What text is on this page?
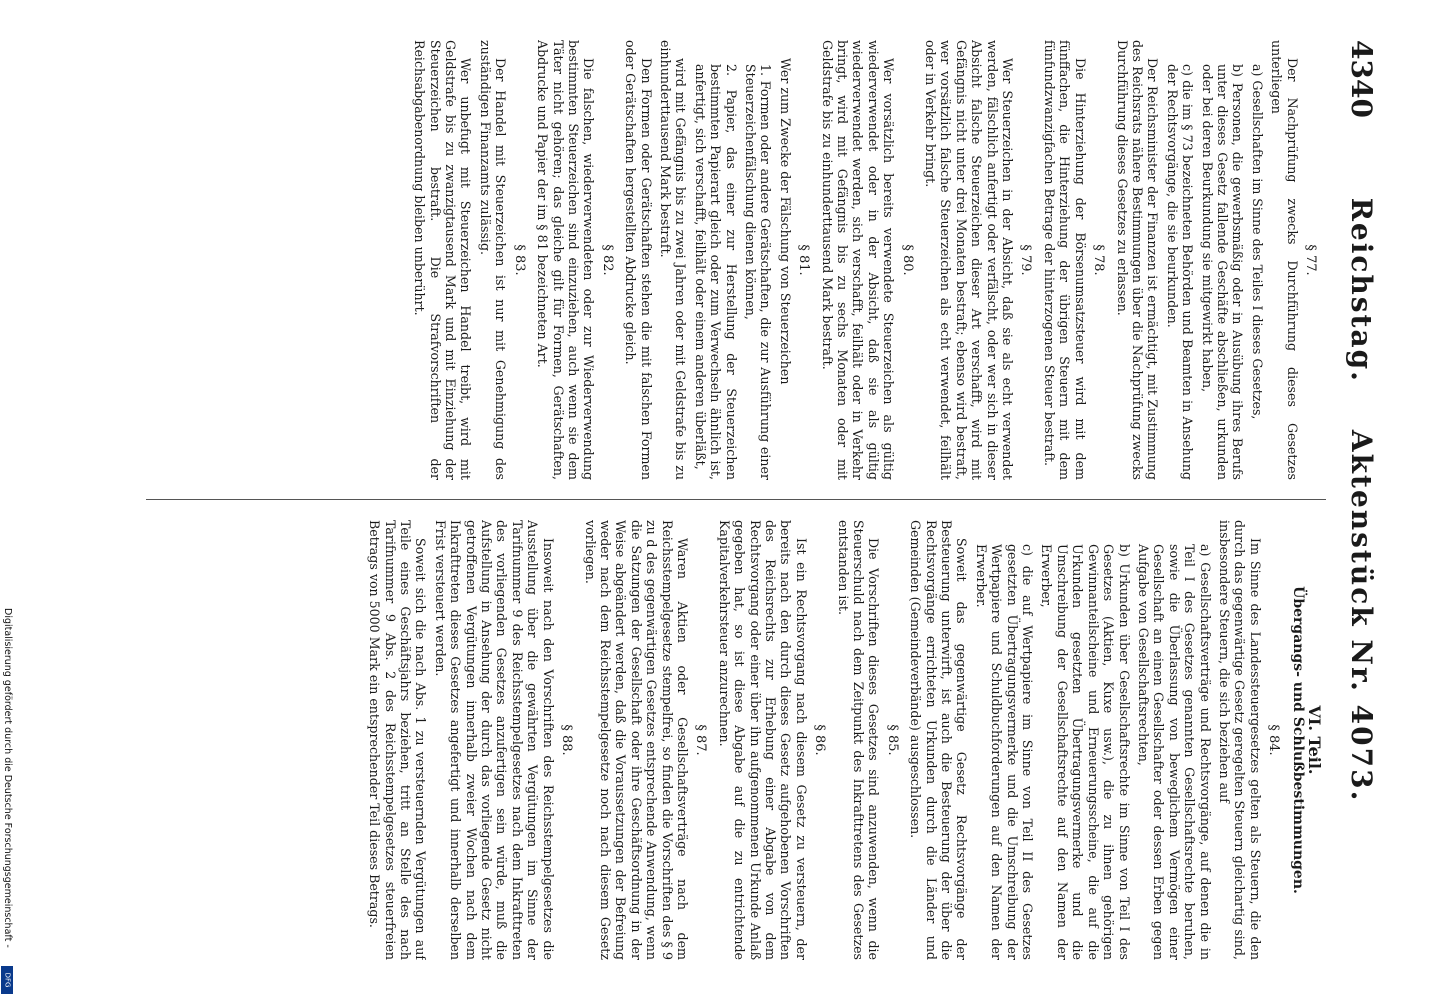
4340
Reichstag.    Aktenstück Nr. 4073.
§ 77.

Der Nachprüfung zwecks Durchführung dieses Gesetzes unterliegen

a) Gesellschaften im Sinne des Teiles I dieses Gesetzes,

b) Personen, die gewerbsmäßig oder in Ausübung ihres Berufs unter dieses Gesetz fallende Geschäfte abschließen, urkunden oder bei deren Beurkundung sie mitgewirkt haben,

c) die im § 73 bezeichneten Behörden und Beamten in Ansehung der Rechtsvorgänge, die sie beurkunden.

Der Reichsminister der Finanzen ist ermächtigt, mit Zustimmung des Reichsrats nähere Bestimmungen über die Nachprüfung zwecks Durchführung dieses Gesetzes zu erlassen.

§ 78.

Die Hinterziehung der Börsenumsatzsteuer wird mit dem fünffachen, die Hinterziehung der übrigen Steuern mit dem fünfundzwanzigfachen Betrage der hinterzogenen Steuer bestraft.

§ 79.

Wer Steuerzeichen in der Absicht, daß sie als echt verwendet werden, fälschlich anfertigt oder verfälscht, oder wer sich in dieser Absicht falsche Steuerzeichen dieser Art verschafft, wird mit Gefängnis nicht unter drei Monaten bestraft; ebenso wird bestraft, wer vorsätzlich falsche Steuerzeichen als echt verwendet, feilhält oder in Verkehr bringt.

§ 80.

Wer vorsätzlich bereits verwendete Steuerzeichen als gültig wiederverwendet oder in der Absicht, daß sie als gültig wiederverwendet werden, sich verschafft, feilhält oder in Verkehr bringt, wird mit Gefängnis bis zu sechs Monaten oder mit Geldstrafe bis zu einhunderttausend Mark bestraft.

§ 81.

Wer zum Zwecke der Fälschung von Steuerzeichen

1. Formen oder andere Gerätschaften, die zur Ausführung einer Steuerzeichenfälschung dienen können,

2. Papier, das einer zur Herstellung der Steuerzeichen bestimmten Papierart gleich oder zum Verwechseln ähnlich ist, anfertigt, sich verschafft, feilhält oder einem anderen überläßt,

wird mit Gefängnis bis zu zwei Jahren oder mit Geldstrafe bis zu einhunderttausend Mark bestraft.

Den Formen oder Gerätschaften stehen die mit falschen Formen oder Gerätschaften hergestellten Abdrucke gleich.

§ 82.

Die falschen, wiederverwendeten oder zur Wiederverwendung bestimmten Steuerzeichen sind einzuziehen, auch wenn sie dem Täter nicht gehören; das gleiche gilt für Formen, Gerätschaften, Abdrucke und Papier der im § 81 bezeichneten Art.

§ 83.

Der Handel mit Steuerzeichen ist nur mit Genehmigung des zuständigen Finanzamts zulässig.

Wer unbefugt mit Steuerzeichen Handel treibt, wird mit Geldstrafe bis zu zwanzigtausend Mark und mit Einziehung der Steuerzeichen bestraft. Die Strafvorschriften der Reichsabgabenordnung bleiben unberührt.

VI. Teil.
Übergangs- und Schlußbestimmungen.
§ 84.

Im Sinne des Landessteuergesetzes gelten als Steuern, die den durch das gegenwärtige Gesetz geregelten Steuern gleichartig sind, insbesondere Steuern, die sich beziehen auf

a) Gesellschaftsverträge und Rechtsvorgänge, auf denen die in Teil I des Gesetzes genannten Gesellschaftsrechte beruhen, sowie die Überlassung von beweglichem Vermögen einer Gesellschaft an einen Gesellschafter oder dessen Erben gegen Aufgabe von Gesellschaftsrechten,

b) Urkunden über Gesellschaftsrechte im Sinne von Teil I des Gesetzes (Aktien, Kuxe usw.), die zu ihnen gehörigen Gewinnanteilscheine und Erneuerungsscheine, die auf die Urkunden gesetzten Übertragungsvermerke und die Umschreibung der Gesellschaftsrechte auf den Namen der Erwerber,

c) die auf Wertpapiere im Sinne von Teil II des Gesetzes gesetzten Übertragungsvermerke und die Umschreibung der Wertpapiere und Schuldbuchforderungen auf den Namen der Erwerber.

Soweit das gegenwärtige Gesetz Rechtsvorgänge der Besteuerung unterwirft, ist auch die Besteuerung der über die Rechtsvorgänge errichteten Urkunden durch die Länder und Gemeinden (Gemeindeverbände) ausgeschlossen.

§ 85.

Die Vorschriften dieses Gesetzes sind anzuwenden, wenn die Steuerschuld nach dem Zeitpunkt des Inkrafttretens des Gesetzes entstanden ist.

§ 86.

Ist ein Rechtsvorgang nach diesem Gesetz zu versteuern, der bereits nach den durch dieses Gesetz aufgehobenen Vorschriften des Reichsrechts zur Erhebung einer Abgabe von dem Rechtsvorgang oder einer über ihn aufgenommenen Urkunde Anlaß gegeben hat, so ist diese Abgabe auf die zu entrichtende Kapitalverkehrsteuer anzurechnen.

§ 87.

Waren Aktien oder Gesellschaftsverträge nach dem Reichsstempelgesetze stempelfrei, so finden die Vorschriften des § 9 zu d des gegenwärtigen Gesetzes entsprechende Anwendung, wenn die Satzungen der Gesellschaft oder ihre Geschäftsordnung in der Weise abgeändert werden, daß die Voraussetzungen der Befreiung weder nach dem Reichsstempelgesetze noch nach diesem Gesetz vorliegen.

§ 88.

Insoweit nach den Vorschriften des Reichsstempelgesetzes die Ausstellung über die gewährten Vergütungen im Sinne der Tarifnummer 9 des Reichsstempelgesetzes nach dem Inkrafttreten des vorliegenden Gesetzes anzufertigen sein würde, muß die Aufstellung in Ansehung der durch das vorliegende Gesetz nicht getroffenen Vergütungen innerhalb zweier Wochen nach dem Inkrafttreten dieses Gesetzes angefertigt und innerhalb derselben Frist versteuert werden.

Soweit sich die nach Abs. 1 zu versteuernden Vergütungen auf Teile eines Geschäftsjahrs beziehen, tritt an Stelle des nach Tarifnummer 9 Abs. 2 des Reichsstempelgesetzes steuerfreien Betrags von 5000 Mark ein entsprechender Teil dieses Betrags.

Digitalisierung gefördert durch die Deutsche Forschungsgemeinschaft -
DFG
